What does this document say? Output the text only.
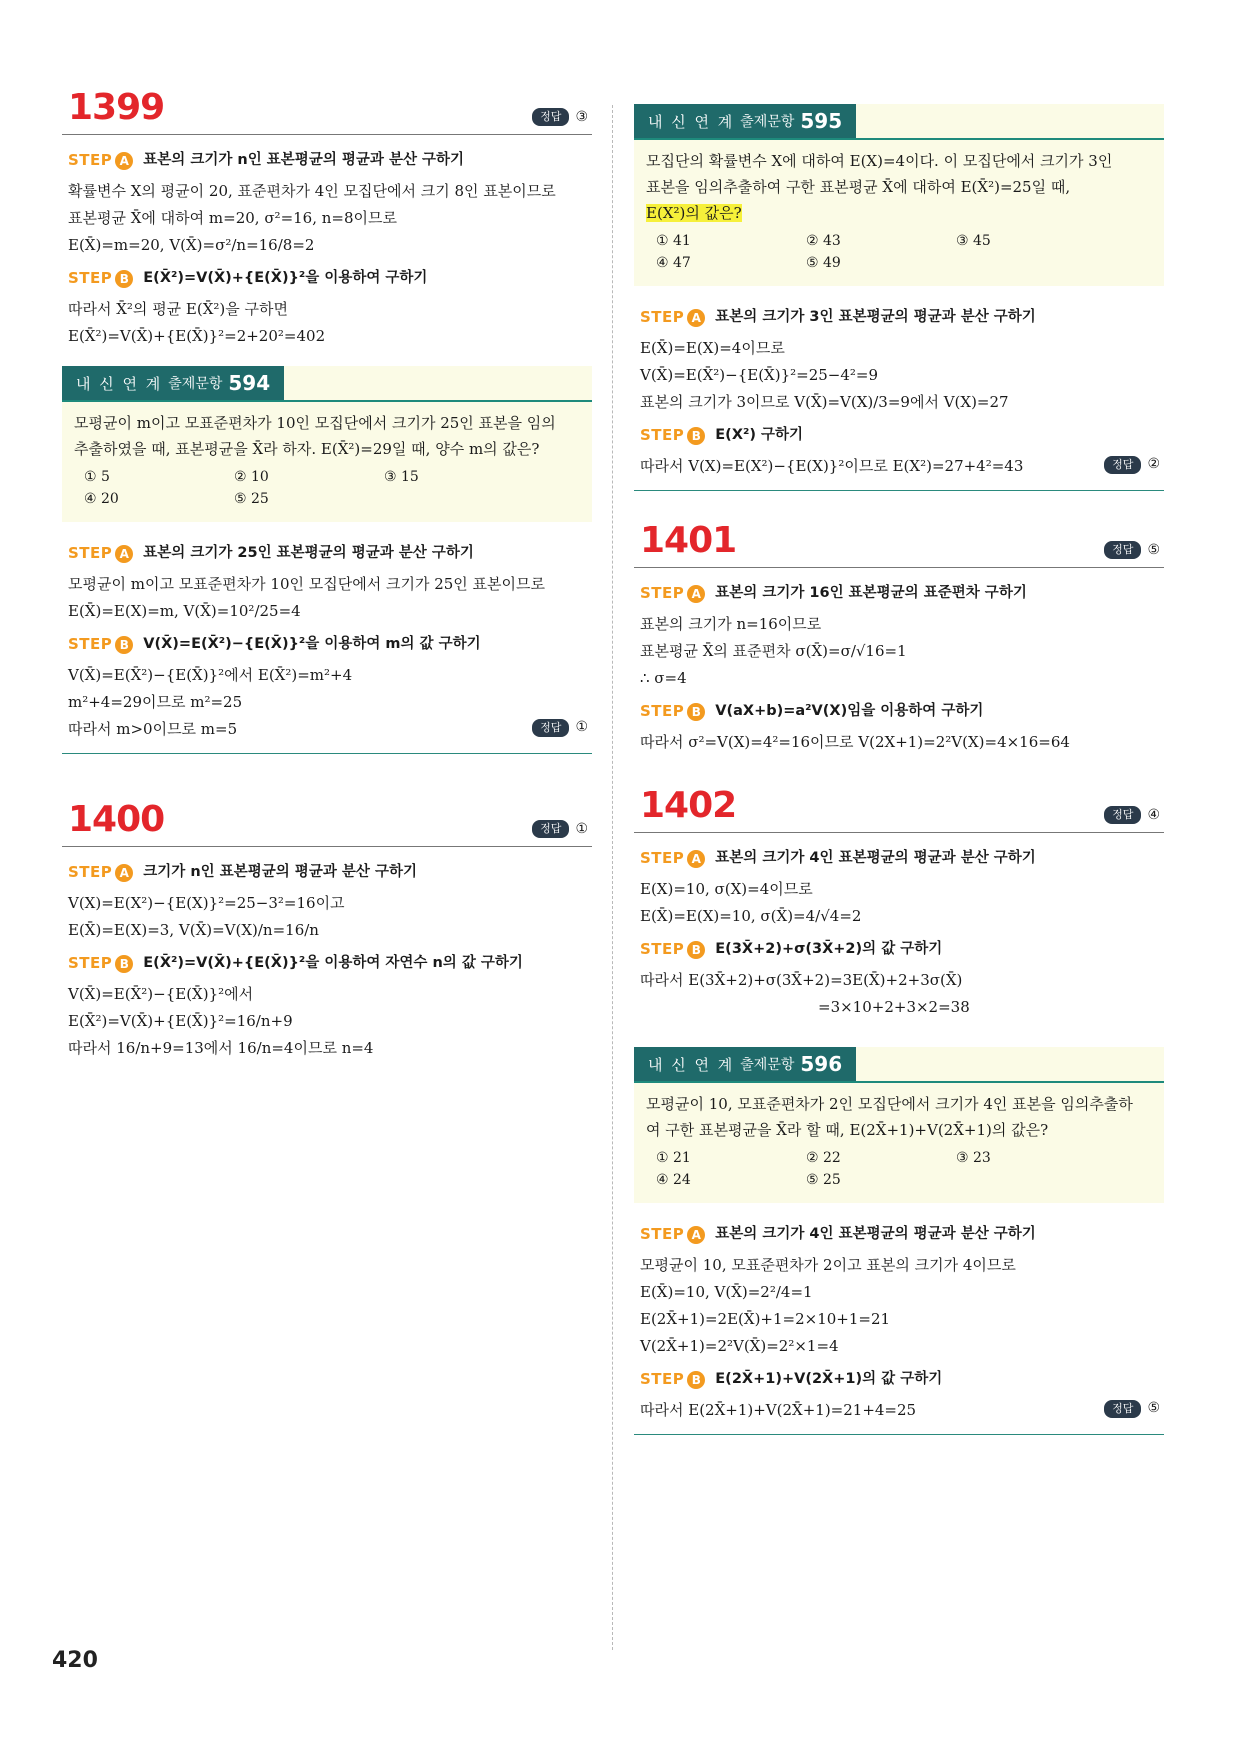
1399	정답	③
STEP A 표본의 크기가 n인 표본평균의 평균과 분산 구하기
확률변수 X의 평균이 20, 표준편차가 4인 모집단에서 크기 8인 표본이므로
표본평균 X̄에 대하여 m=20, σ²=16, n=8이므로
E(X̄)=m=20, V(X̄)=σ²/n=16/8=2
STEP B E(X̄²)=V(X̄)+{E(X̄)}²을 이용하여 구하기
따라서 X̄²의 평균 E(X̄²)을 구하면
E(X̄²)=V(X̄)+{E(X̄)}²=2+20²=402
내 신 연 계 출제문항 594
모평균이 m이고 모표준편차가 10인 모집단에서 크기가 25인 표본을 임의
추출하였을 때, 표본평균을 X̄라 하자. E(X̄²)=29일 때, 양수 m의 값은?
① 5	② 10	③ 15
④ 20	⑤ 25
STEP A 표본의 크기가 25인 표본평균의 평균과 분산 구하기
모평균이 m이고 모표준편차가 10인 모집단에서 크기가 25인 표본이므로
E(X̄)=E(X)=m, V(X̄)=10²/25=4
STEP B V(X̄)=E(X̄²)−{E(X̄)}²을 이용하여 m의 값 구하기
V(X̄)=E(X̄²)−{E(X̄)}²에서 E(X̄²)=m²+4
m²+4=29이므로 m²=25
따라서 m>0이므로 m=5	정답	①
1400	정답	①
STEP A 크기가 n인 표본평균의 평균과 분산 구하기
V(X)=E(X²)−{E(X)}²=25−3²=16이고
E(X̄)=E(X)=3, V(X̄)=V(X)/n=16/n
STEP B E(X̄²)=V(X̄)+{E(X̄)}²을 이용하여 자연수 n의 값 구하기
V(X̄)=E(X̄²)−{E(X̄)}²에서
E(X̄²)=V(X̄)+{E(X̄)}²=16/n+9
따라서 16/n+9=13에서 16/n=4이므로 n=4
내 신 연 계 출제문항 595
모집단의 확률변수 X에 대하여 E(X)=4이다. 이 모집단에서 크기가 3인
표본을 임의추출하여 구한 표본평균 X̄에 대하여 E(X̄²)=25일 때,
E(X²)의 값은?
① 41	② 43	③ 45
④ 47	⑤ 49
STEP A 표본의 크기가 3인 표본평균의 평균과 분산 구하기
E(X̄)=E(X)=4이므로
V(X̄)=E(X̄²)−{E(X̄)}²=25−4²=9
표본의 크기가 3이므로 V(X̄)=V(X)/3=9에서 V(X)=27
STEP B E(X²) 구하기
따라서 V(X)=E(X²)−{E(X)}²이므로 E(X²)=27+4²=43	정답	②
1401	정답	⑤
STEP A 표본의 크기가 16인 표본평균의 표준편차 구하기
표본의 크기가 n=16이므로
표본평균 X̄의 표준편차 σ(X̄)=σ/√16=1
∴ σ=4
STEP B V(aX+b)=a²V(X)임을 이용하여 구하기
따라서 σ²=V(X)=4²=16이므로 V(2X+1)=2²V(X)=4×16=64
1402	정답	④
STEP A 표본의 크기가 4인 표본평균의 평균과 분산 구하기
E(X)=10, σ(X)=4이므로
E(X̄)=E(X)=10, σ(X̄)=4/√4=2
STEP B E(3X̄+2)+σ(3X̄+2)의 값 구하기
따라서 E(3X̄+2)+σ(3X̄+2)=3E(X̄)+2+3σ(X̄)
=3×10+2+3×2=38
내 신 연 계 출제문항 596
모평균이 10, 모표준편차가 2인 모집단에서 크기가 4인 표본을 임의추출하
여 구한 표본평균을 X̄라 할 때, E(2X̄+1)+V(2X̄+1)의 값은?
① 21	② 22	③ 23
④ 24	⑤ 25
STEP A 표본의 크기가 4인 표본평균의 평균과 분산 구하기
모평균이 10, 모표준편차가 2이고 표본의 크기가 4이므로
E(X̄)=10, V(X̄)=2²/4=1
E(2X̄+1)=2E(X̄)+1=2×10+1=21
V(2X̄+1)=2²V(X̄)=2²×1=4
STEP B E(2X̄+1)+V(2X̄+1)의 값 구하기
따라서 E(2X̄+1)+V(2X̄+1)=21+4=25	정답	⑤
420
